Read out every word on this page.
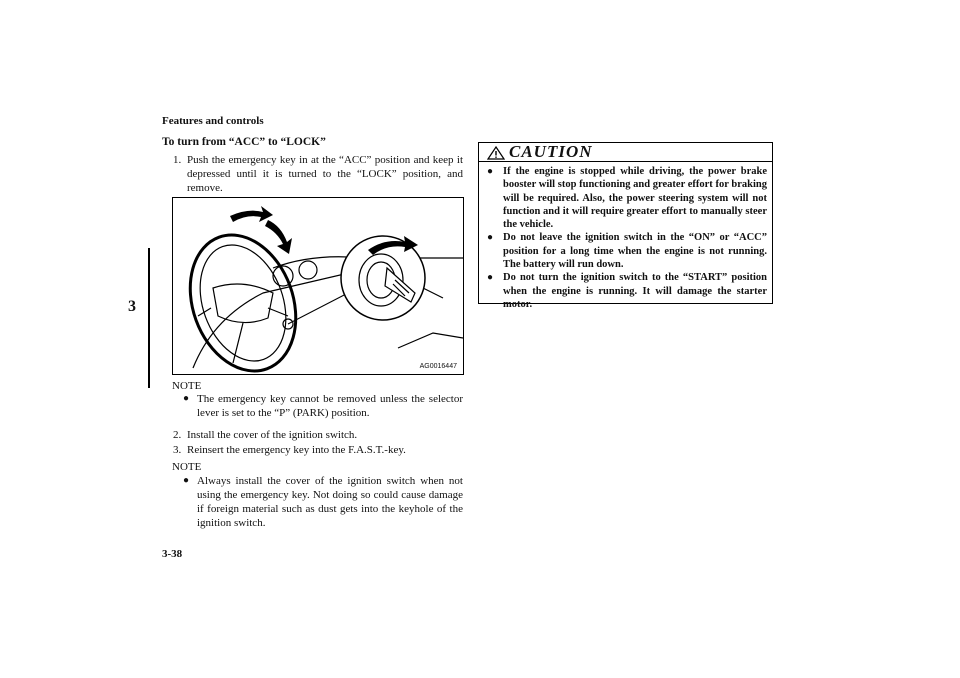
Features and controls
3
To turn from “ACC” to “LOCK”
1. Push the emergency key in at the “ACC” position and keep it depressed until it is turned to the “LOCK” position, and remove.
AG0016447
NOTE
● The emergency key cannot be removed unless the selector lever is set to the “P” (PARK) position.
2. Install the cover of the ignition switch.
3. Reinsert the emergency key into the F.A.S.T.-key.
NOTE
● Always install the cover of the ignition switch when not using the emergency key. Not doing so could cause damage if foreign material such as dust gets into the keyhole of the ignition switch.
CAUTION
● If the engine is stopped while driving, the power brake booster will stop functioning and greater effort for braking will be required. Also, the power steering system will not function and it will require greater effort to manually steer the vehicle.
● Do not leave the ignition switch in the “ON” or “ACC” position for a long time when the engine is not running. The battery will run down.
● Do not turn the ignition switch to the “START” position when the engine is running. It will damage the starter motor.
3-38
